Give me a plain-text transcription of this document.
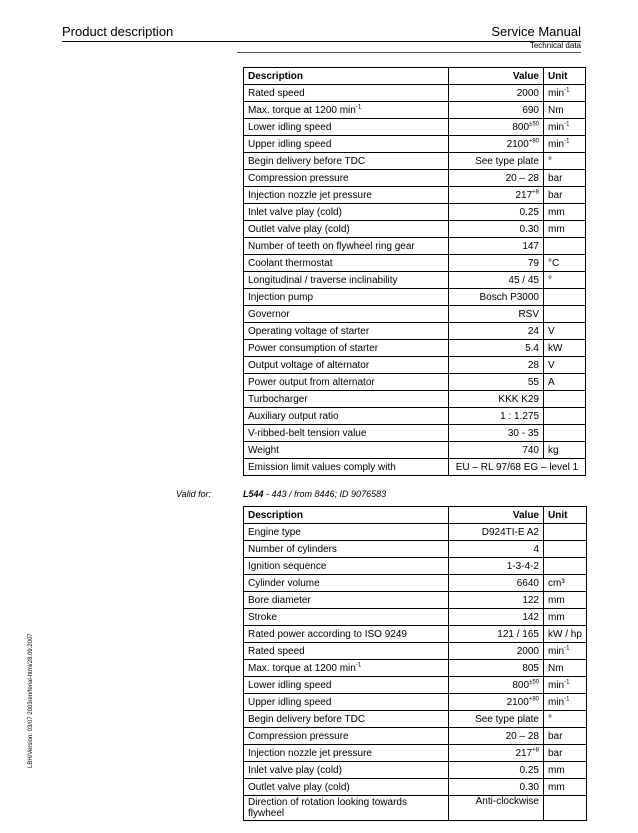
Product description	Service Manual
Technical data
Description	Value	Unit
Rated speed	2000	$\min^{-1}$
Max. torque at 1200 $\min^{-1}$	690	Nm
Lower idling speed	$800^{\pm 50}$	$\min^{-1}$
Upper idling speed	$2100^{+80}$	$\min^{-1}$
Begin delivery before TDC	See type plate	°
Compression pressure	20 – 28	bar
Injection nozzle jet pressure	$217^{+8}$	bar
Inlet valve play (cold)	0.25	mm
Outlet valve play (cold)	0.30	mm
Number of teeth on flywheel ring gear	147	
Coolant thermostat	79	°C
Longitudinal / traverse inclinability	45 / 45	°
Injection pump	Bosch P3000	
Governor	RSV	
Operating voltage of starter	24	V
Power consumption of starter	5.4	kW
Output voltage of alternator	28	V
Power output from alternator	55	A
Turbocharger	KKK K29	
Auxiliary output ratio	1 : 1.275	
V-ribbed-belt tension value	30 - 35	
Weight	740	kg
Emission limit values comply with	EU – RL 97/68 EG – level 1	
Valid for:	L544 - 443 / from 8446; ID 9076583
Description	Value	Unit
Engine type	D924TI-E A2	
Number of cylinders	4	
Ignition sequence	1-3-4-2	
Cylinder volume	6640	cm³
Bore diameter	122	mm
Stroke	142	mm
Rated power according to ISO 9249	121 / 165	kW / hp
Rated speed	2000	$\min^{-1}$
Max. torque at 1200 $\min^{-1}$	805	Nm
Lower idling speed	$800^{\pm 50}$	$\min^{-1}$
Upper idling speed	$2100^{+80}$	$\min^{-1}$
Begin delivery before TDC	See type plate	°
Compression pressure	20 – 28	bar
Injection nozzle jet pressure	$217^{+8}$	bar
Inlet valve play (cold)	0.25	mm
Outlet valve play (cold)	0.30	mm
Direction of rotation looking towards flywheel	Anti-clockwise	
LBH/Version: 03/07 2003/en/ferial-html/28.09.2007
